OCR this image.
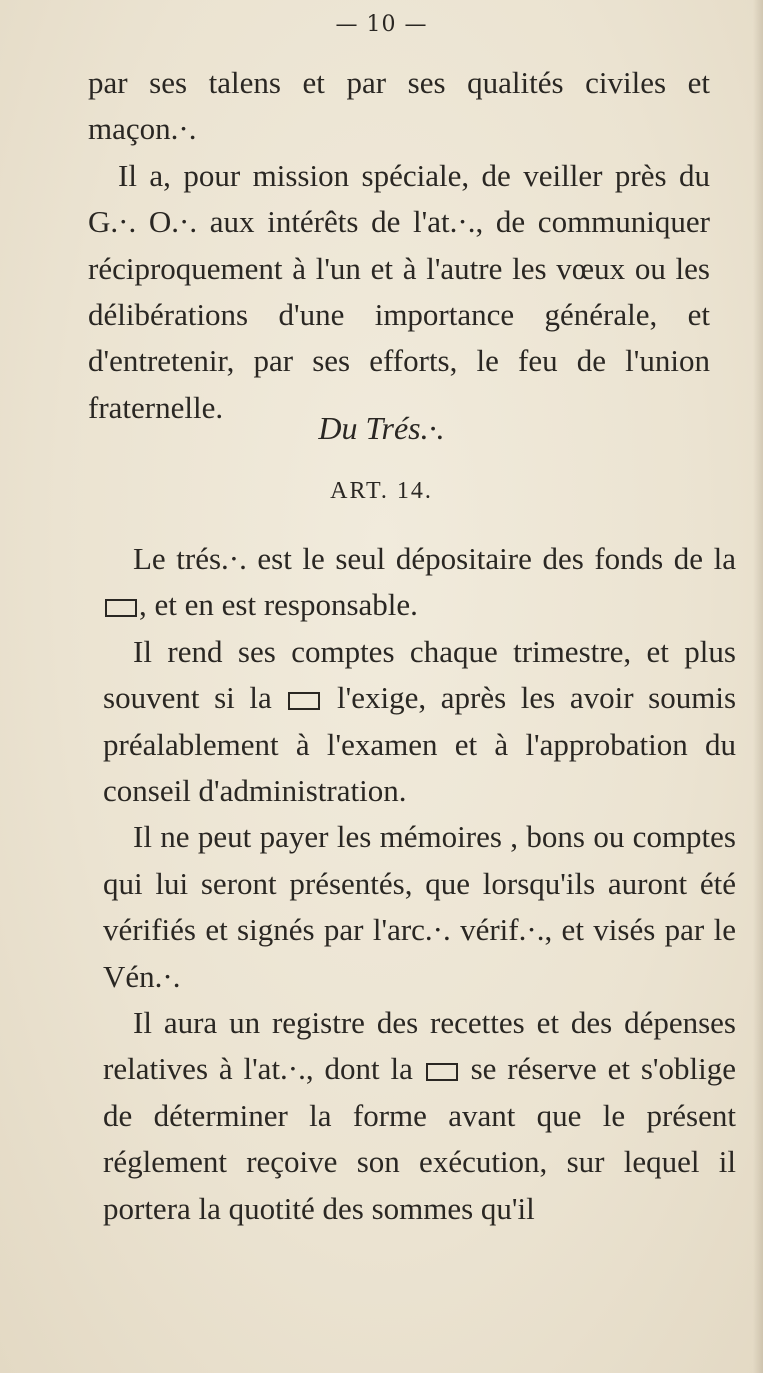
— 10 —

par ses talens et par ses qualités civiles et maçon.·.

Il a, pour mission spéciale, de veiller près du G.·. O.·. aux intérêts de l'at.·., de communiquer réciproquement à l'un et à l'autre les vœux ou les délibérations d'une importance générale, et d'entretenir, par ses efforts, le feu de l'union fraternelle.

Du Trés.·.
ART. 14.

Le trés.·. est le seul dépositaire des fonds de la , et en est responsable.

Il rend ses comptes chaque trimestre, et plus souvent si la l'exige, après les avoir soumis préalablement à l'examen et à l'approbation du conseil d'administration.

Il ne peut payer les mémoires , bons ou comptes qui lui seront présentés, que lorsqu'ils auront été vérifiés et signés par l'arc.·. vérif.·., et visés par le Vén.·.

Il aura un registre des recettes et des dépenses relatives à l'at.·., dont la se réserve et s'oblige de déterminer la forme avant que le présent réglement reçoive son exécution, sur lequel il portera la quotité des sommes qu'il
